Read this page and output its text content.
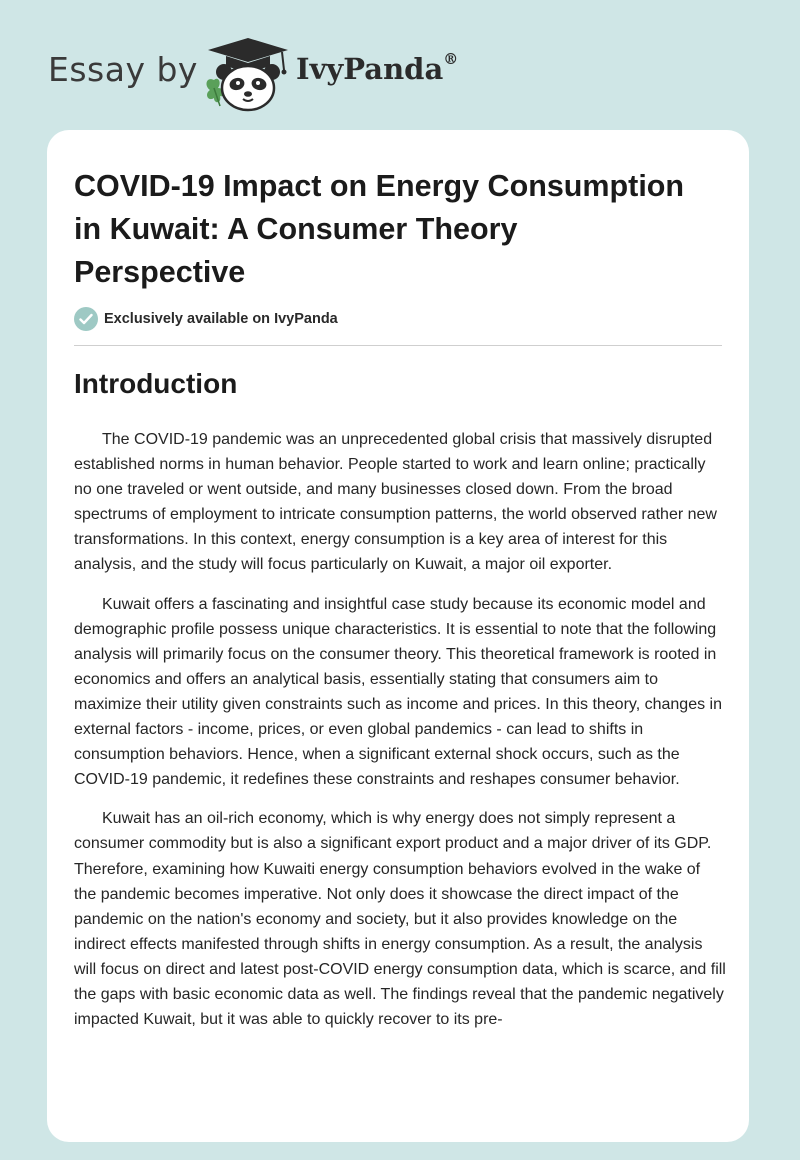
Essay by	IvyPanda®
COVID-19 Impact on Energy Consumption in Kuwait: A Consumer Theory Perspective
Exclusively available on IvyPanda
Introduction

The COVID-19 pandemic was an unprecedented global crisis that massively disrupted established norms in human behavior. People started to work and learn online; practically no one traveled or went outside, and many businesses closed down. From the broad spectrums of employment to intricate consumption patterns, the world observed rather new transformations. In this context, energy consumption is a key area of interest for this analysis, and the study will focus particularly on Kuwait, a major oil exporter.

Kuwait offers a fascinating and insightful case study because its economic model and demographic profile possess unique characteristics. It is essential to note that the following analysis will primarily focus on the consumer theory. This theoretical framework is rooted in economics and offers an analytical basis, essentially stating that consumers aim to maximize their utility given constraints such as income and prices. In this theory, changes in external factors - income, prices, or even global pandemics - can lead to shifts in consumption behaviors. Hence, when a significant external shock occurs, such as the COVID-19 pandemic, it redefines these constraints and reshapes consumer behavior.

Kuwait has an oil-rich economy, which is why energy does not simply represent a consumer commodity but is also a significant export product and a major driver of its GDP. Therefore, examining how Kuwaiti energy consumption behaviors evolved in the wake of the pandemic becomes imperative. Not only does it showcase the direct impact of the pandemic on the nation's economy and society, but it also provides knowledge on the indirect effects manifested through shifts in energy consumption. As a result, the analysis will focus on direct and latest post-COVID energy consumption data, which is scarce, and fill the gaps with basic economic data as well. The findings reveal that the pandemic negatively impacted Kuwait, but it was able to quickly recover to its pre-
